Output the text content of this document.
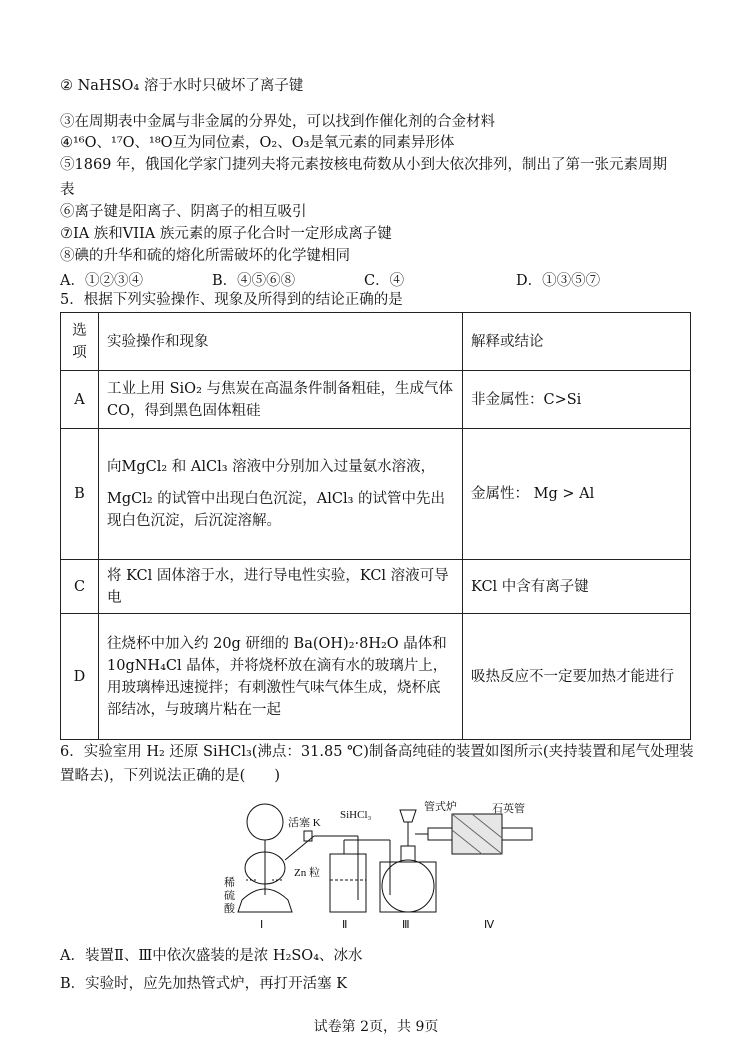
② NaHSO₄ 溶于水时只破坏了离子键
③在周期表中金属与非金属的分界处，可以找到作催化剂的合金材料
④¹⁶O、¹⁷O、¹⁸O互为同位素，O₂、O₃是氧元素的同素异形体
⑤1869 年，俄国化学家门捷列夫将元素按核电荷数从小到大依次排列，制出了第一张元素周期
表
⑥离子键是阳离子、阴离子的相互吸引
⑦IA 族和VIIA 族元素的原子化合时一定形成离子键
⑧碘的升华和硫的熔化所需破坏的化学键相同
A．①②③④	B．④⑤⑥⑧	C．④	D．①③⑤⑦
5．根据下列实验操作、现象及所得到的结论正确的是
选项	实验操作和现象	解释或结论
A	工业上用 SiO₂ 与焦炭在高温条件制备粗硅，生成气体 CO，得到黑色固体粗硅	非金属性：C>Si
B	向MgCl₂ 和 AlCl₃ 溶液中分别加入过量氨水溶液，
MgCl₂ 的试管中出现白色沉淀，AlCl₃ 的试管中先出现白色沉淀，后沉淀溶解。	金属性： Mg > Al
C	将 KCl 固体溶于水，进行导电性实验，KCl 溶液可导电	KCl 中含有离子键
D	往烧杯中加入约 20g 研细的 Ba(OH)₂·8H₂O 晶体和 10gNH₄Cl 晶体，并将烧杯放在滴有水的玻璃片上，用玻璃棒迅速搅拌；有刺激性气味气体生成，烧杯底部结冰，与玻璃片粘在一起	吸热反应不一定要加热才能进行
6．实验室用 H₂ 还原 SiHCl₃(沸点：31.85 ℃)制备高纯硅的装置如图所示(夹持装置和尾气处理装
置略去)，下列说法正确的是(　　)
稀
硫
酸
活塞 K
Zn 粒
SiHCl₃
管式炉	石英管
Ⅰ	Ⅱ	Ⅲ	Ⅳ
A．装置Ⅱ、Ⅲ中依次盛装的是浓 H₂SO₄、冰水
B．实验时，应先加热管式炉，再打开活塞 K
试卷第 2页，共 9页
